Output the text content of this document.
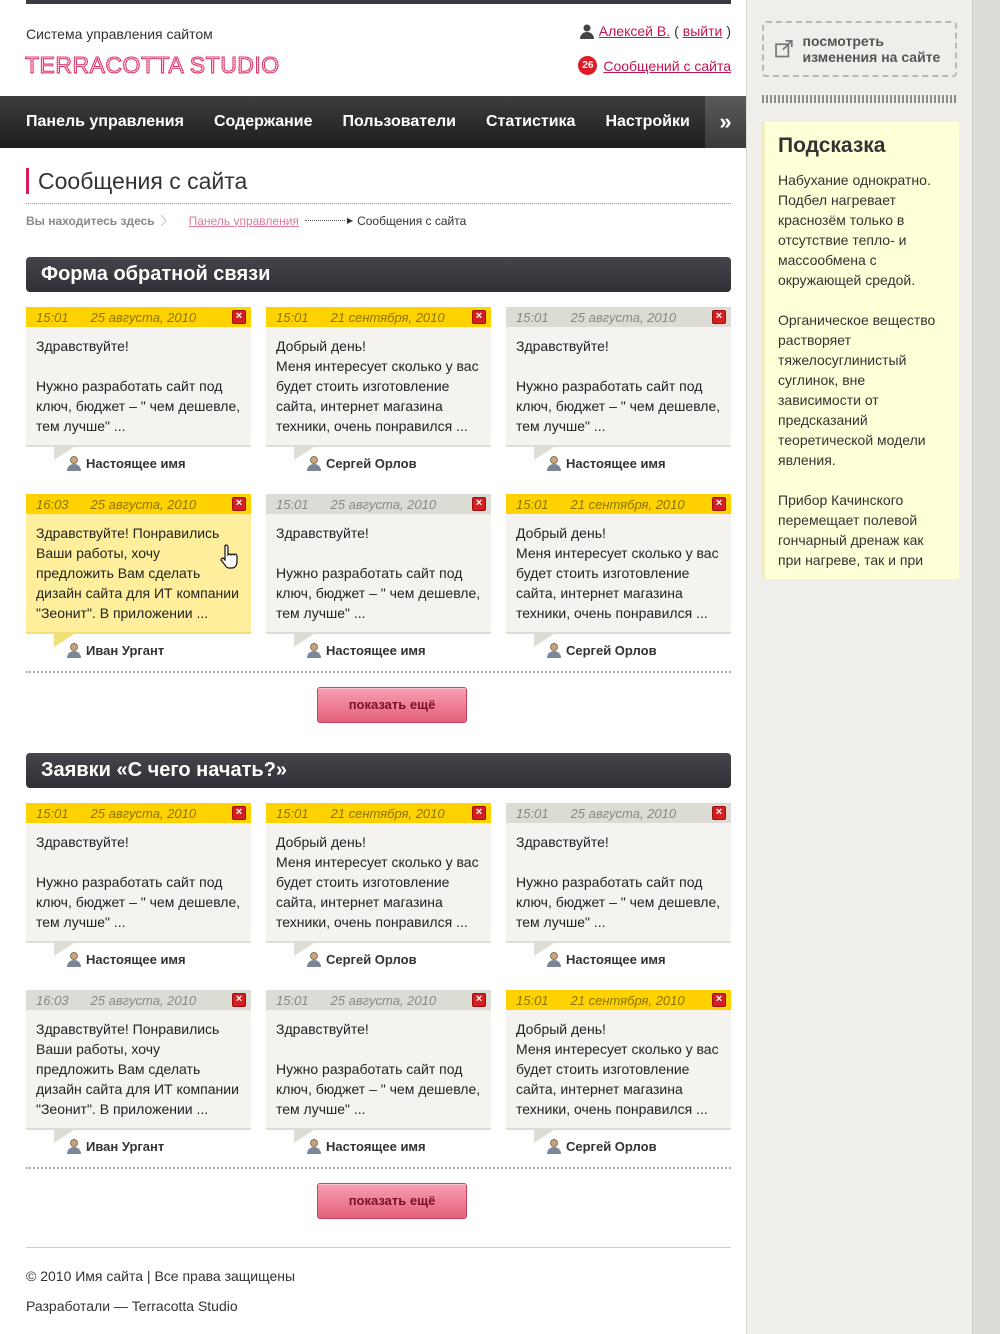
Система управления сайтом
TERRACOTTA STUDIO
Алексей В. ( выйти )
26 Сообщений с сайта
Панель управления	Содержание	Пользователи	Статистика	Настройки	»
Сообщения с сайта
Вы находитесь здесь 〉 Панель управления	▶ Сообщения с сайта
Форма обратной связи
15:01 25 августа, 2010	×
Здравствуйте!

Нужно разработать сайт под ключ, бюджет – " чем дешевле, тем лучше" ...
Настоящее имя
15:01 21 сентября, 2010	×
Добрый день!
Меня интересует сколько у вас будет стоить изготовление сайта, интернет магазина техники, очень понравился ...
Сергей Орлов
15:01 25 августа, 2010	×
Здравствуйте!

Нужно разработать сайт под ключ, бюджет – " чем дешевле, тем лучше" ...
Настоящее имя
16:03 25 августа, 2010	×
Здравствуйте! Понравились Ваши работы, хочу предложить Вам сделать дизайн сайта для ИТ компании "Зеонит". В приложении ...
Иван Ургант
15:01 25 августа, 2010	×
Здравствуйте!

Нужно разработать сайт под ключ, бюджет – " чем дешевле, тем лучше" ...
Настоящее имя
15:01 21 сентября, 2010	×
Добрый день!
Меня интересует сколько у вас будет стоить изготовление сайта, интернет магазина техники, очень понравился ...
Сергей Орлов
показать ещё
Заявки «С чего начать?»
15:01 25 августа, 2010	×
Здравствуйте!

Нужно разработать сайт под ключ, бюджет – " чем дешевле, тем лучше" ...
Настоящее имя
15:01 21 сентября, 2010	×
Добрый день!
Меня интересует сколько у вас будет стоить изготовление сайта, интернет магазина техники, очень понравился ...
Сергей Орлов
15:01 25 августа, 2010	×
Здравствуйте!

Нужно разработать сайт под ключ, бюджет – " чем дешевле, тем лучше" ...
Настоящее имя
16:03 25 августа, 2010	×
Здравствуйте! Понравились Ваши работы, хочу предложить Вам сделать дизайн сайта для ИТ компании "Зеонит". В приложении ...
Иван Ургант
15:01 25 августа, 2010	×
Здравствуйте!

Нужно разработать сайт под ключ, бюджет – " чем дешевле, тем лучше" ...
Настоящее имя
15:01 21 сентября, 2010	×
Добрый день!
Меня интересует сколько у вас будет стоить изготовление сайта, интернет магазина техники, очень понравился ...
Сергей Орлов
показать ещё
© 2010 Имя сайта | Все права защищены
Разработали — Terracotta Studio
посмотреть изменения на сайте
Подсказка

Набухание однократно. Подбел нагревает краснозём только в отсутствие тепло- и массообмена с окружающей средой.

Органическое вещество растворяет тяжелосуглинистый суглинок, вне зависимости от предсказаний теоретической модели явления.

Прибор Качинского перемещает полевой гончарный дренаж как при нагреве, так и при
